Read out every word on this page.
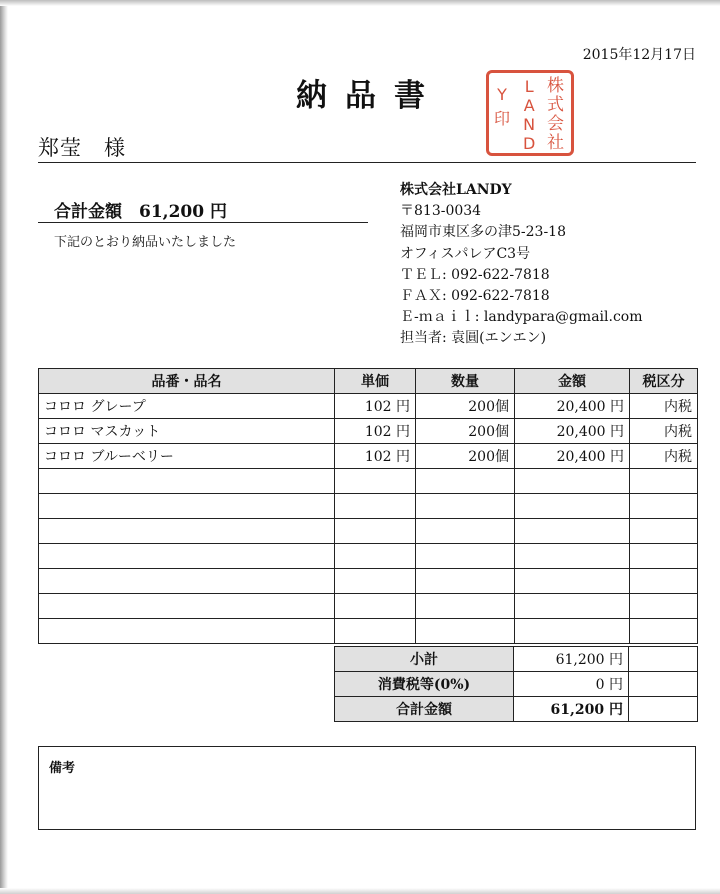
2015年12月17日
納品書	Y
印
L
A
N
D
株
式
会
社
郑莹　様
合計金額　61,200 円
下記のとおり納品いたしました
株式会社LANDY
〒813-0034
福岡市東区多の津5-23-18
オフィスパレアC3号
ＴＥＬ: 092-622-7818
ＦＡＸ: 092-622-7818
Ｅ-ｍａｉｌ: landypara@gmail.com
担当者: 袁圓(エンエン)
品番・品名	単価	数量	金額	税区分
コロロ グレープ	102 円	200個	20,400 円	内税
コロロ マスカット	102 円	200個	20,400 円	内税
コロロ ブルーベリー	102 円	200個	20,400 円	内税

小計	61,200 円	
消費税等(0%)	0 円	
合計金額	61,200 円	
備考
